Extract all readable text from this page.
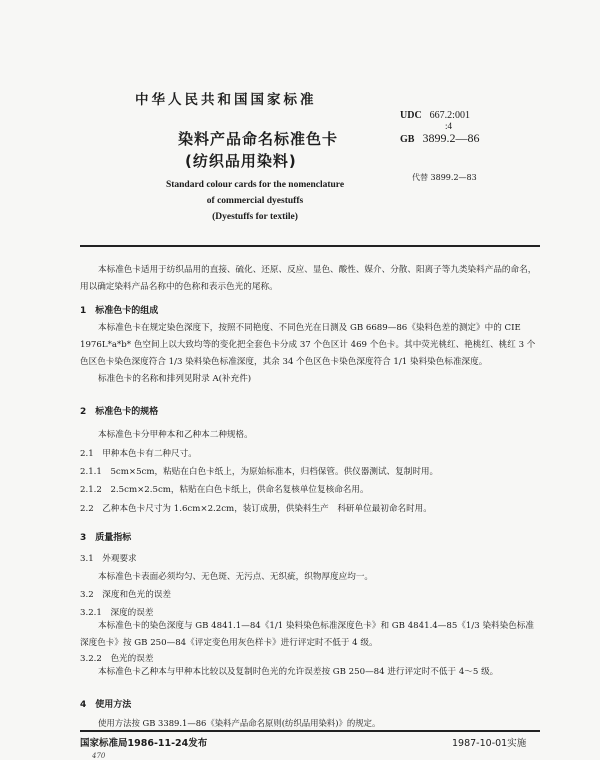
中华人民共和国国家标准
UDC 667.2:001
:4
GB 3899.2—86
代替 3899.2—83
染料产品命名标准色卡
(纺织品用染料)
Standard colour cards for the nomenclature
of commercial dyestuffs
(Dyestuffs for textile)
本标准色卡适用于纺织品用的直接、硫化、还原、反应、显色、酸性、媒介、分散、阳离子等九类染料产品的命名，用以确定染料产品名称中的色称和表示色光的尾称。
1　标准色卡的组成
本标准色卡在规定染色深度下，按照不同艳度、不同色光在日测及 GB 6689—86《染料色差的测定》中的 CIE 1976L*a*b* 色空间上以大致均等的变化把全套色卡分成 37 个色区计 469 个色卡。其中荧光桃红、艳桃红、桃红 3 个色区色卡染色深度符合 1/3 染料染色标准深度，其余 34 个色区色卡染色深度符合 1/1 染料染色标准深度。
标准色卡的名称和排列见附录 A(补充件)
2　标准色卡的规格
本标准色卡分甲种本和乙种本二种规格。
2.1　甲种本色卡有二种尺寸。
2.1.1　5cm×5cm，粘贴在白色卡纸上，为原始标准本，归档保管。供仪器测试、复制时用。
2.1.2　2.5cm×2.5cm，粘贴在白色卡纸上，供命名复核单位复核命名用。
2.2　乙种本色卡尺寸为 1.6cm×2.2cm，装订成册，供染料生产　科研单位最初命名时用。
3　质量指标
3.1　外观要求
本标准色卡表面必须均匀、无色斑、无污点、无织疵，织物厚度应均一。
3.2　深度和色光的误差
3.2.1　深度的误差
本标准色卡的染色深度与 GB 4841.1—84《1/1 染料染色标准深度色卡》和 GB 4841.4—85《1/3 染料染色标准深度色卡》按 GB 250—84《评定变色用灰色样卡》进行评定时不低于 4 级。
3.2.2　色光的误差
本标准色卡乙种本与甲种本比较以及复制时色光的允许误差按 GB 250—84 进行评定时不低于 4～5 级。
4　使用方法
使用方法按 GB 3389.1—86《染料产品命名原则(纺织品用染料)》的规定。
国家标准局1986-11-24发布	1987-10-01实施
470
